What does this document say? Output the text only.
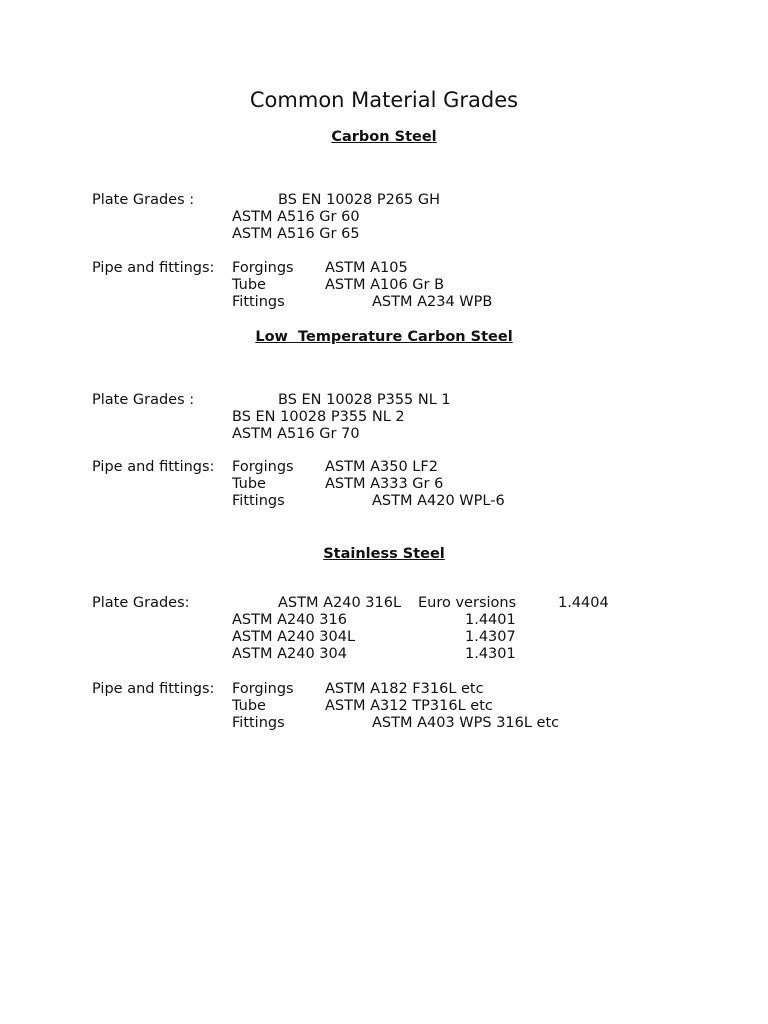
Common Material Grades
Carbon Steel
Plate Grades :	BS EN 10028 P265 GH
ASTM A516 Gr 60
ASTM A516 Gr 65
Pipe and fittings: Forgings ASTM A105
Tube	ASTM A106 Gr B
Fittings	ASTM A234 WPB
Low  Temperature Carbon Steel
Plate Grades :	BS EN 10028 P355 NL 1
BS EN 10028 P355 NL 2
ASTM A516 Gr 70
Pipe and fittings: Forgings ASTM A350 LF2
Tube	ASTM A333 Gr 6
Fittings	ASTM A420 WPL-6
Stainless Steel
Plate Grades:	ASTM A240 316L Euro versions	1.4404
ASTM A240 316	1.4401
ASTM A240 304L	1.4307
ASTM A240 304	1.4301
Pipe and fittings: Forgings ASTM A182 F316L etc
Tube	ASTM A312 TP316L etc
Fittings	ASTM A403 WPS 316L etc
